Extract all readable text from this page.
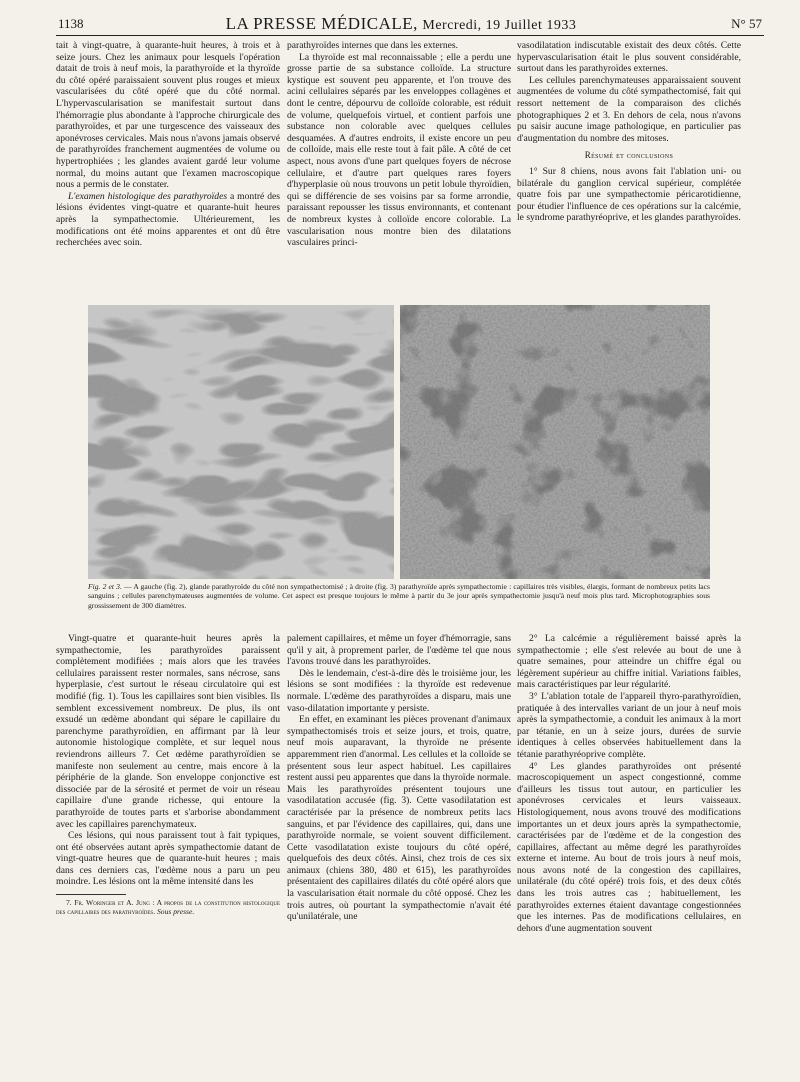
1138	LA PRESSE MÉDICALE, Mercredi, 19 Juillet 1933	N° 57

tait à vingt-quatre, à quarante-huit heures, à trois et à seize jours. Chez les animaux pour lesquels l'opération datait de trois à neuf mois, la parathyroïde et la thyroïde du côté opéré paraissaient souvent plus rouges et mieux vascularisées du côté opéré que du côté normal. L'hypervascularisation se manifestait surtout dans l'hémorragie plus abondante à l'approche chirurgicale des parathyroïdes, et par une turgescence des vaisseaux des aponévroses cervicales. Mais nous n'avons jamais observé de parathyroïdes franchement augmentées de volume ou hypertrophiées ; les glandes avaient gardé leur volume normal, du moins autant que l'examen macroscopique nous a permis de le constater.

L'examen histologique des parathyroïdes a montré des lésions évidentes vingt-quatre et quarante-huit heures après la sympathectomie. Ultérieurement, les modifications ont été moins apparentes et ont dû être recherchées avec soin.

parathyroïdes internes que dans les externes.

La thyroïde est mal reconnaissable ; elle a perdu une grosse partie de sa substance colloïde. La structure kystique est souvent peu apparente, et l'on trouve des acini cellulaires séparés par les enveloppes collagènes et dont le centre, dépourvu de colloïde colorable, est réduit de volume, quelquefois virtuel, et contient parfois une substance non colorable avec quelques cellules desquamées. A d'autres endroits, il existe encore un peu de colloïde, mais elle reste tout à fait pâle. A côté de cet aspect, nous avons d'une part quelques foyers de nécrose cellulaire, et d'autre part quelques rares foyers d'hyperplasie où nous trouvons un petit lobule thyroïdien, qui se différencie de ses voisins par sa forme arrondie, paraissant repousser les tissus environnants, et contenant de nombreux kystes à colloïde encore colorable. La vascularisation nous montre bien des dilatations vasculaires princi-

vasodilatation indiscutable existait des deux côtés. Cette hypervascularisation était le plus souvent considérable, surtout dans les parathyroïdes externes.

Les cellules parenchymateuses apparaissaient souvent augmentées de volume du côté sympathectomisé, fait qui ressort nettement de la comparaison des clichés photographiques 2 et 3. En dehors de cela, nous n'avons pu saisir aucune image pathologique, en particulier pas d'augmentation du nombre des mitoses.

Résumé et conclusions

1° Sur 8 chiens, nous avons fait l'ablation uni- ou bilatérale du ganglion cervical supérieur, complétée quatre fois par une sympathectomie péricarotidienne, pour étudier l'influence de ces opérations sur la calcémie, le syndrome parathyréoprive, et les glandes parathyroïdes.

Fig. 2 et 3. — A gauche (fig. 2), glande parathyroïde du côté non sympathectomisé ; à droite (fig. 3) parathyroïde après sympathectomie : capillaires très visibles, élargis, formant de nombreux petits lacs sanguins ; cellules parenchymateuses augmentées de volume. Cet aspect est presque toujours le même à partir du 3e jour après sympathectomie jusqu'à neuf mois plus tard. Microphotographies sous grossissement de 300 diamètres.

Vingt-quatre et quarante-huit heures après la sympathectomie, les parathyroïdes paraissent complètement modifiées ; mais alors que les travées cellulaires paraissent rester normales, sans nécrose, sans hyperplasie, c'est surtout le réseau circulatoire qui est modifié (fig. 1). Tous les capillaires sont bien visibles. Ils semblent excessivement nombreux. De plus, ils ont exsudé un œdème abondant qui sépare le capillaire du parenchyme parathyroïdien, en affirmant par là leur autonomie histologique complète, et sur lequel nous reviendrons ailleurs 7. Cet œdème parathyroïdien se manifeste non seulement au centre, mais encore à la périphérie de la glande. Son enveloppe conjonctive est dissociée par de la sérosité et permet de voir un réseau capillaire d'une grande richesse, qui entoure la parathyroïde de toutes parts et s'arborise abondamment avec les capillaires parenchymateux.

Ces lésions, qui nous paraissent tout à fait typiques, ont été observées autant après sympathectomie datant de vingt-quatre heures que de quarante-huit heures ; mais dans ces derniers cas, l'œdème nous a paru un peu moindre. Les lésions ont la même intensité dans les

7. Fr. Woringer et A. Jung : A propos de la constitution histologique des capillaires des parathyroïdes. Sous presse.

palement capillaires, et même un foyer d'hémorragie, sans qu'il y ait, à proprement parler, de l'œdème tel que nous l'avons trouvé dans les parathyroïdes.

Dès le lendemain, c'est-à-dire dès le troisième jour, les lésions se sont modifiées : la thyroïde est redevenue normale. L'œdème des parathyroïdes a disparu, mais une vaso-dilatation importante y persiste.

En effet, en examinant les pièces provenant d'animaux sympathectomisés trois et seize jours, et trois, quatre, neuf mois auparavant, la thyroïde ne présente apparemment rien d'anormal. Les cellules et la colloïde se présentent sous leur aspect habituel. Les capillaires restent aussi peu apparentes que dans la thyroïde normale. Mais les parathyroïdes présentent toujours une vasodilatation accusée (fig. 3). Cette vasodilatation est caractérisée par la présence de nombreux petits lacs sanguins, et par l'évidence des capillaires, qui, dans une parathyroïde normale, se voient souvent difficilement. Cette vasodilatation existe toujours du côté opéré, quelquefois des deux côtés. Ainsi, chez trois de ces six animaux (chiens 380, 480 et 615), les parathyroïdes présentaient des capillaires dilatés du côté opéré alors que la vascularisation était normale du côté opposé. Chez les trois autres, où pourtant la sympathectomie n'avait été qu'unilatérale, une

2° La calcémie a régulièrement baissé après la sympathectomie ; elle s'est relevée au bout de une à quatre semaines, pour atteindre un chiffre égal ou légèrement supérieur au chiffre initial. Variations faibles, mais caractéristiques par leur régularité.

3° L'ablation totale de l'appareil thyro-parathyroïdien, pratiquée à des intervalles variant de un jour à neuf mois après la sympathectomie, a conduit les animaux à la mort par tétanie, en un à seize jours, durées de survie identiques à celles observées habituellement dans la tétanie parathyréoprive complète.

4° Les glandes parathyroïdes ont présenté macroscopiquement un aspect congestionné, comme d'ailleurs les tissus tout autour, en particulier les aponévroses cervicales et leurs vaisseaux. Histologiquement, nous avons trouvé des modifications importantes un et deux jours après la sympathectomie, caractérisées par de l'œdème et de la congestion des capillaires, affectant au même degré les parathyroïdes externe et interne. Au bout de trois jours à neuf mois, nous avons noté de la congestion des capillaires, unilatérale (du côté opéré) trois fois, et des deux côtés dans les trois autres cas ; habituellement, les parathyroïdes externes étaient davantage congestionnées que les internes. Pas de modifications cellulaires, en dehors d'une augmentation souvent
